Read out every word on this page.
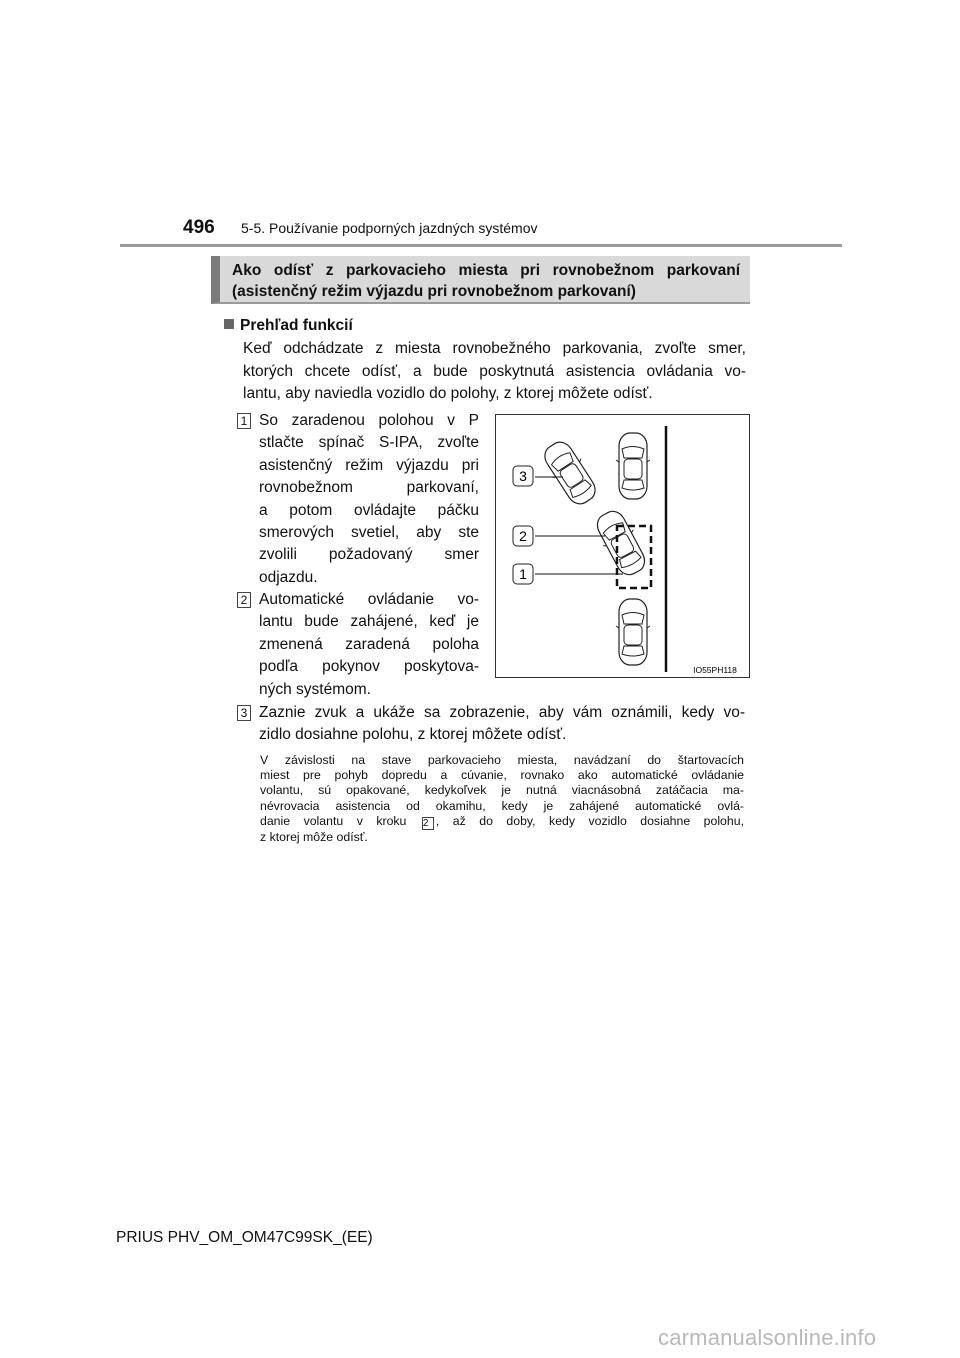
496 5-5. Používanie podporných jazdných systémov
Ako odísť z parkovacieho miesta pri rovnobežnom parkovaní
(asistenčný režim výjazdu pri rovnobežnom parkovaní)
Prehľad funkcií
Keď odchádzate z miesta rovnobežného parkovania, zvoľte smer,
ktorých chcete odísť, a bude poskytnutá asistencia ovládania vo-
lantu, aby naviedla vozidlo do polohy, z ktorej môžete odísť.
1 So zaradenou polohou v P
stlačte spínač S-IPA, zvoľte
asistenčný režim výjazdu pri
rovnobežnom parkovaní,
a potom ovládajte páčku
smerových svetiel, aby ste
zvolili požadovaný smer
odjazdu.
2 Automatické ovládanie vo-
lantu bude zahájené, keď je
zmenená zaradená poloha
podľa pokynov poskytova-
ných systémom.
3 Zaznie zvuk a ukáže sa zobrazenie, aby vám oznámili, kedy vo-
zidlo dosiahne polohu, z ktorej môžete odísť.
V závislosti na stave parkovacieho miesta, navádzaní do štartovacích
miest pre pohyb dopredu a cúvanie, rovnako ako automatické ovládanie
volantu, sú opakované, kedykoľvek je nutná viacnásobná zatáčacia ma-
névrovacia asistencia od okamihu, kedy je zahájené automatické ovlá-
danie volantu v kroku 2 , až do doby, kedy vozidlo dosiahne polohu,
z ktorej môže odísť.
3
2
1
IO55PH118
PRIUS PHV_OM_OM47C99SK_(EE)
carmanualsonline.info
